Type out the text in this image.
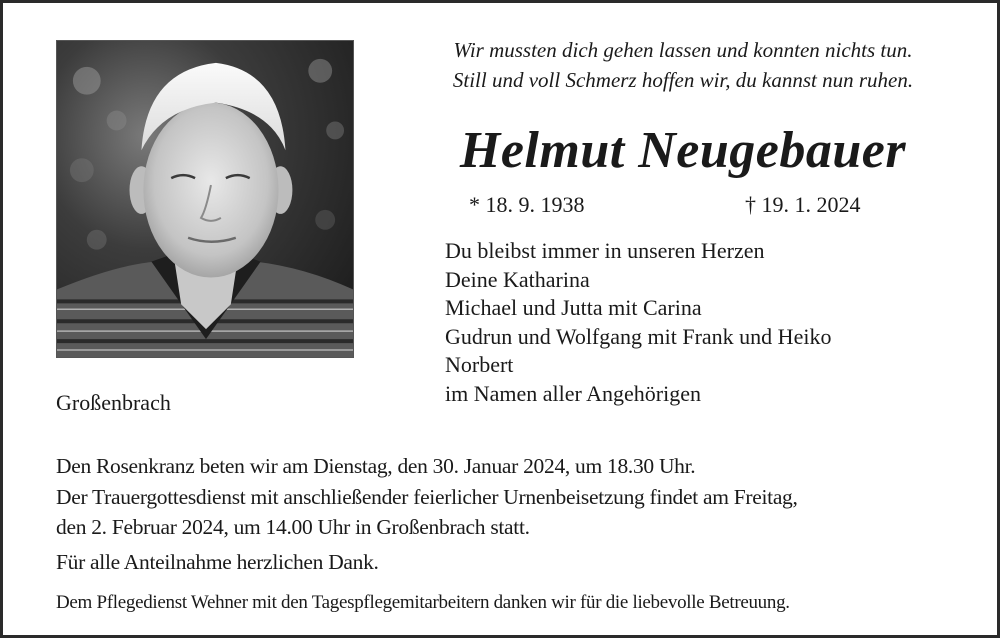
Großenbrach
Wir mussten dich gehen lassen und konnten nichts tun.
Still und voll Schmerz hoffen wir, du kannst nun ruhen.
Helmut Neugebauer
* 18. 9. 1938	† 19. 1. 2024
Du bleibst immer in unseren Herzen
Deine Katharina
Michael und Jutta mit Carina
Gudrun und Wolfgang mit Frank und Heiko
Norbert
im Namen aller Angehörigen
Den Rosenkranz beten wir am Dienstag, den 30. Januar 2024, um 18.30 Uhr.
Der Trauergottesdienst mit anschließender feierlicher Urnenbeisetzung findet am Freitag,
den 2. Februar 2024, um 14.00 Uhr in Großenbrach statt.
Für alle Anteilnahme herzlichen Dank.
Dem Pflegedienst Wehner mit den Tagespflegemitarbeitern danken wir für die liebevolle Betreuung.
